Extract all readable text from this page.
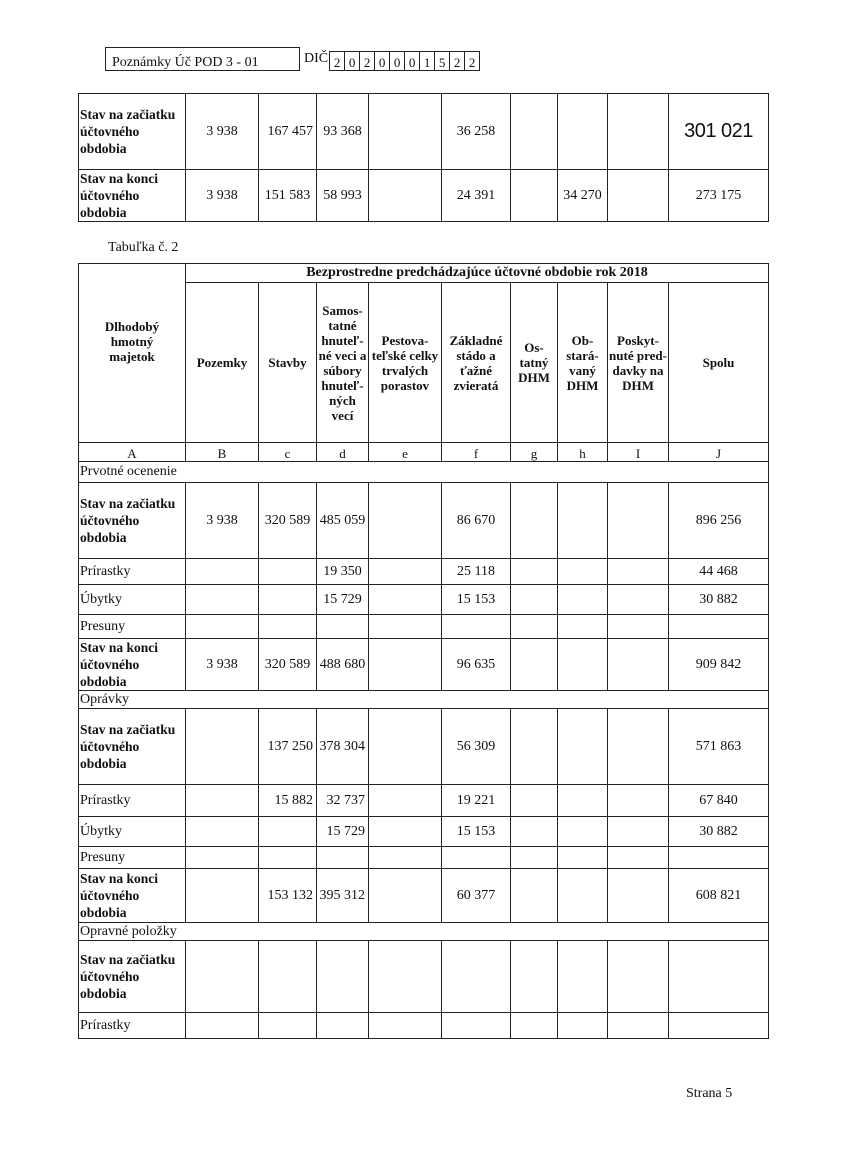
Poznámky Úč POD 3 - 01	DIČ 2 0 2 0 0 0 1 5 2 2
Stav na začiatku účtovného obdobia	3 938	167 457	93 368		36 258				301 021
Stav na konci účtovného obdobia	3 938	151 583	58 993		24 391		34 270		273 175
Tabuľka č. 2
Dlhodobý hmotný majetok	Bezprostredne predchádzajúce účtovné obdobie rok 2018								
	Pozemky	Stavby	Samos-tatné hnuteľ-né veci a súbory hnuteľ-ných vecí	Pestova-teľské celky trvalých porastov	Základné stádo a ťažné zvieratá	Os-tatný DHM	Ob-stará-vaný DHM	Poskyt-nuté pred-davky na DHM	Spolu

A	B	c	d	e	f	g	h	I	J
Prvotné ocenenie									
Stav na začiatku účtovného obdobia	3 938	320 589	485 059		86 670				896 256
Prírastky			19 350		25 118				44 468
Úbytky			15 729		15 153				30 882
Presuny									
Stav na konci účtovného obdobia	3 938	320 589	488 680		96 635				909 842
Oprávky									
Stav na začiatku účtovného obdobia		137 250	378 304		56 309				571 863
Prírastky		15 882	32 737		19 221				67 840
Úbytky			15 729		15 153				30 882
Presuny									
Stav na konci účtovného obdobia		153 132	395 312		60 377				608 821
Opravné položky									
Stav na začiatku účtovného obdobia									
Prírastky									
Strana 5
